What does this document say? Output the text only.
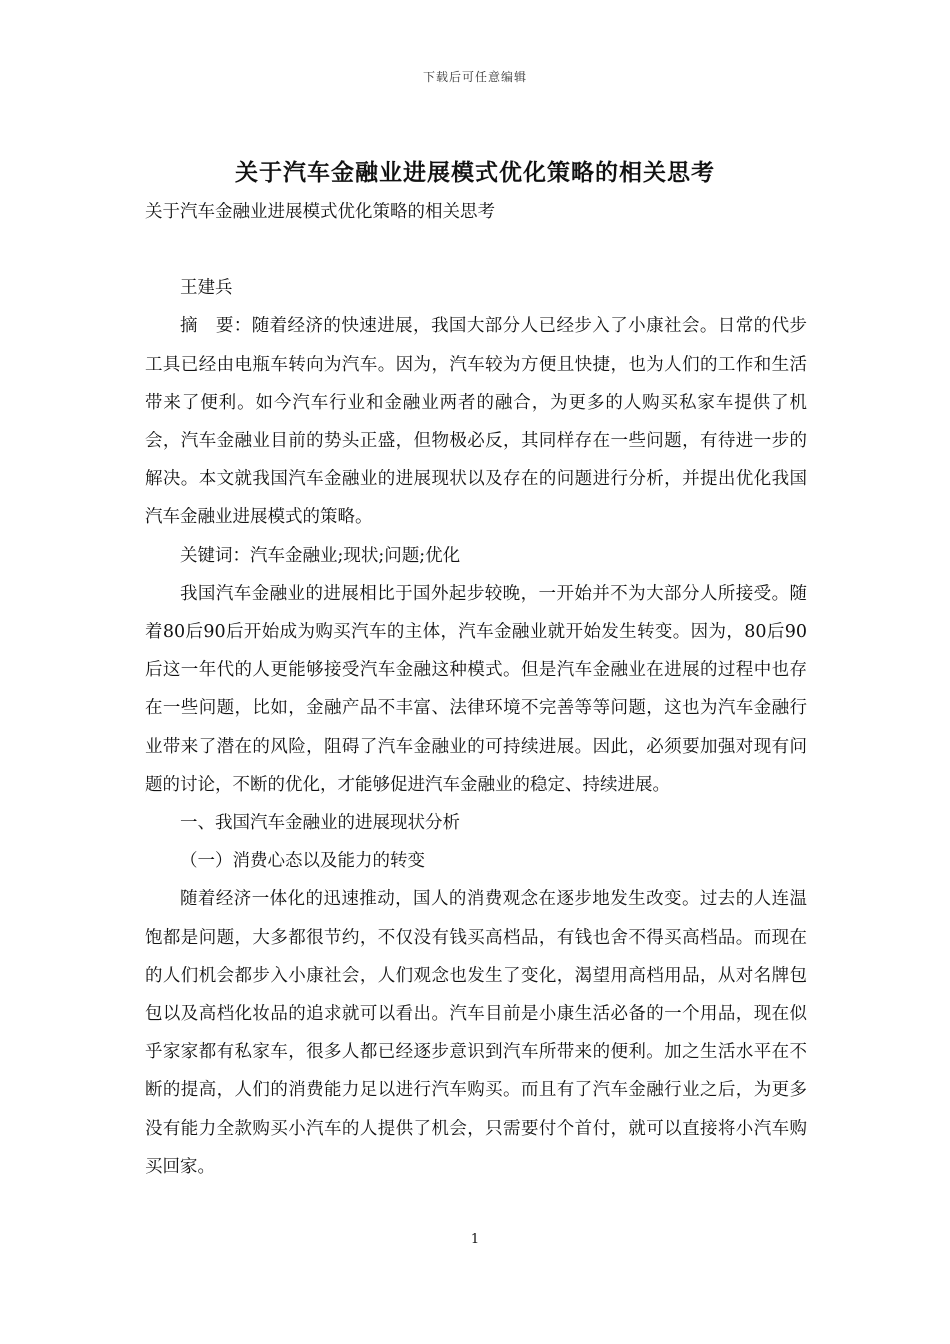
下载后可任意编辑
关于汽车金融业进展模式优化策略的相关思考

关于汽车金融业进展模式优化策略的相关思考

王建兵

摘　要：随着经济的快速进展，我国大部分人已经步入了小康社会。日常的代步工具已经由电瓶车转向为汽车。因为，汽车较为方便且快捷，也为人们的工作和生活带来了便利。如今汽车行业和金融业两者的融合，为更多的人购买私家车提供了机会，汽车金融业目前的势头正盛，但物极必反，其同样存在一些问题，有待进一步的解决。本文就我国汽车金融业的进展现状以及存在的问题进行分析，并提出优化我国汽车金融业进展模式的策略。

关键词：汽车金融业;现状;问题;优化

我国汽车金融业的进展相比于国外起步较晚，一开始并不为大部分人所接受。随着80后90后开始成为购买汽车的主体，汽车金融业就开始发生转变。因为，80后90后这一年代的人更能够接受汽车金融这种模式。但是汽车金融业在进展的过程中也存在一些问题，比如，金融产品不丰富、法律环境不完善等等问题，这也为汽车金融行业带来了潜在的风险，阻碍了汽车金融业的可持续进展。因此，必须要加强对现有问题的讨论，不断的优化，才能够促进汽车金融业的稳定、持续进展。

一、我国汽车金融业的进展现状分析

（一）消费心态以及能力的转变

随着经济一体化的迅速推动，国人的消费观念在逐步地发生改变。过去的人连温饱都是问题，大多都很节约，不仅没有钱买高档品，有钱也舍不得买高档品。而现在的人们机会都步入小康社会，人们观念也发生了变化，渴望用高档用品，从对名牌包包以及高档化妆品的追求就可以看出。汽车目前是小康生活必备的一个用品，现在似乎家家都有私家车，很多人都已经逐步意识到汽车所带来的便利。加之生活水平在不断的提高，人们的消费能力足以进行汽车购买。而且有了汽车金融行业之后，为更多没有能力全款购买小汽车的人提供了机会，只需要付个首付，就可以直接将小汽车购买回家。

1
